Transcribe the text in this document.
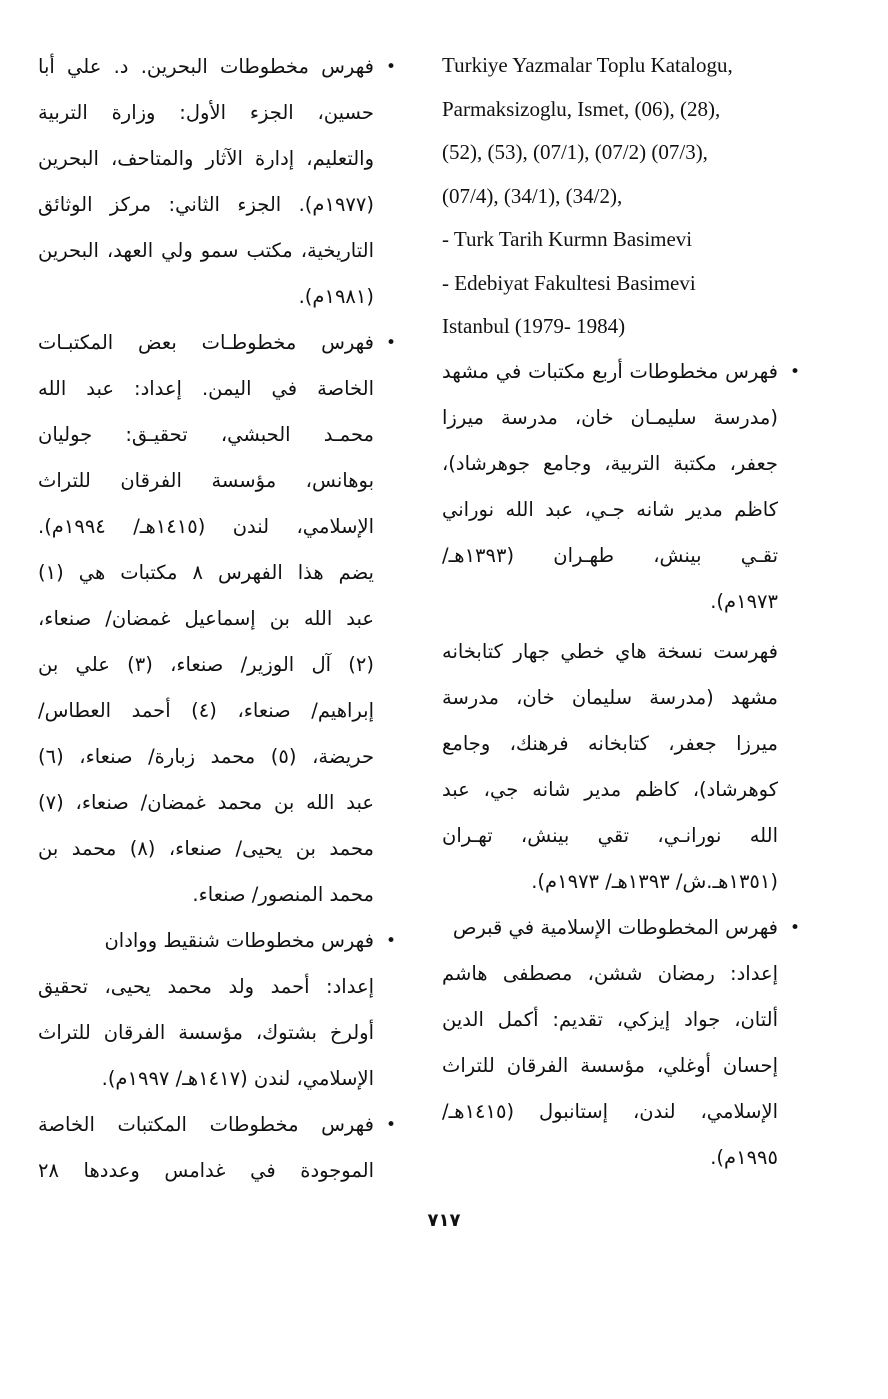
•
فهرس مخطوطات البحرين. د. علي أبا
حسين، الجزء الأول: وزارة التربية
والتعليم، إدارة الآثار والمتاحف، البحرين
(١٩٧٧م). الجزء الثاني: مركز الوثائق
التاريخية، مكتب سمو ولي العهد، البحرين
(١٩٨١م).
•
فهرس مخطوطـات بعض المكتبـات
الخاصة في اليمن. إعداد: عبد الله
محمـد الحبشي، تحقيـق: جوليان
بوهانس، مؤسسة الفرقان للتراث
الإسلامي، لندن (١٤١٥هـ/ ١٩٩٤م).
يضم هذا الفهرس ٨ مكتبات هي (١)
عبد الله بن إسماعيل غمضان/ صنعاء،
(٢) آل الوزير/ صنعاء، (٣) علي بن
إبراهيم/ صنعاء، (٤) أحمد العطاس/
حريضة، (٥) محمد زبارة/ صنعاء، (٦)
عبد الله بن محمد غمضان/ صنعاء، (٧)
محمد بن يحيى/ صنعاء، (٨) محمد بن
محمد المنصور/ صنعاء.
•
فهرس مخطوطات شنقيط ووادان
إعداد: أحمد ولد محمد يحيى، تحقيق
أولرخ بشتوك، مؤسسة الفرقان للتراث
الإسلامي، لندن (١٤١٧هـ/ ١٩٩٧م).
•
فهرس مخطوطات المكتبات الخاصة
الموجودة في غدامس وعددها ٢٨
Turkiye Yazmalar Toplu Katalogu,
Parmaksizoglu, Ismet, (06), (28),
(52), (53), (07/1), (07/2) (07/3),
(07/4), (34/1), (34/2),
- Turk Tarih Kurmn Basimevi
- Edebiyat Fakultesi Basimevi
Istanbul (1979- 1984)
•
فهرس مخطوطات أربع مكتبات في مشهد
(مدرسة سليمـان خان، مدرسة ميرزا
جعفر، مكتبة التربية، وجامع جوهرشاد)،
كاظم مدير شانه جـي، عبد الله نوراني
تقـي بينش، طهـران (١٣٩٣هـ/
١٩٧٣م).
فهرست نسخة هاي خطي جهار كتابخانه
مشهد (مدرسة سليمان خان، مدرسة
ميرزا جعفر، كتابخانه فرهنك، وجامع
كوهرشاد)، كاظم مدير شانه جي، عبد
الله نورانـي، تقي بينش، تهـران
(١٣٥١هـ.ش/ ١٣٩٣هـ/ ١٩٧٣م).
•
فهرس المخطوطات الإسلامية في قبرص
إعداد: رمضان ششن، مصطفى هاشم
ألتان، جواد إيزكي، تقديم: أكمل الدين
إحسان أوغلي، مؤسسة الفرقان للتراث
الإسلامي، لندن، إستانبول (١٤١٥هـ/
١٩٩٥م).
٧١٧
